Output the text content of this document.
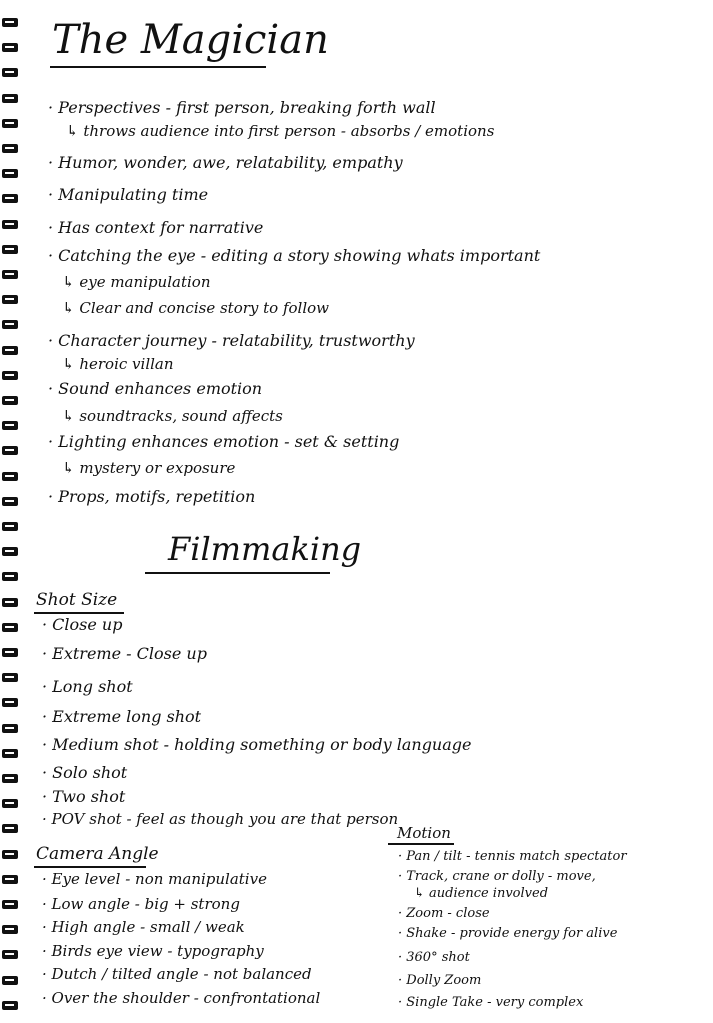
The Magician
· Perspectives - first person, breaking forth wall
↳ throws audience into first person - absorbs / emotions
· Humor, wonder, awe, relatability, empathy
· Manipulating time
· Has context for narrative
· Catching the eye - editing a story showing whats important
↳ eye manipulation
↳ Clear and concise story to follow
· Character journey - relatability, trustworthy
↳ heroic villan
· Sound enhances emotion
↳ soundtracks, sound affects
· Lighting enhances emotion - set & setting
↳ mystery or exposure
· Props, motifs, repetition
Filmmaking
Shot Size
· Close up
· Extreme - Close up
· Long shot
· Extreme long shot
· Medium shot - holding something or body language
· Solo shot
· Two shot
· POV shot - feel as though you are that person
Camera Angle
· Eye level - non manipulative
· Low angle - big + strong
· High angle - small / weak
· Birds eye view - typography
· Dutch / tilted angle - not balanced
· Over the shoulder - confrontational
Motion
· Pan / tilt - tennis match spectator
· Track, crane or dolly - move,
↳ audience involved
· Zoom - close
· Shake - provide energy for alive
· 360° shot
· Dolly Zoom
· Single Take - very complex
